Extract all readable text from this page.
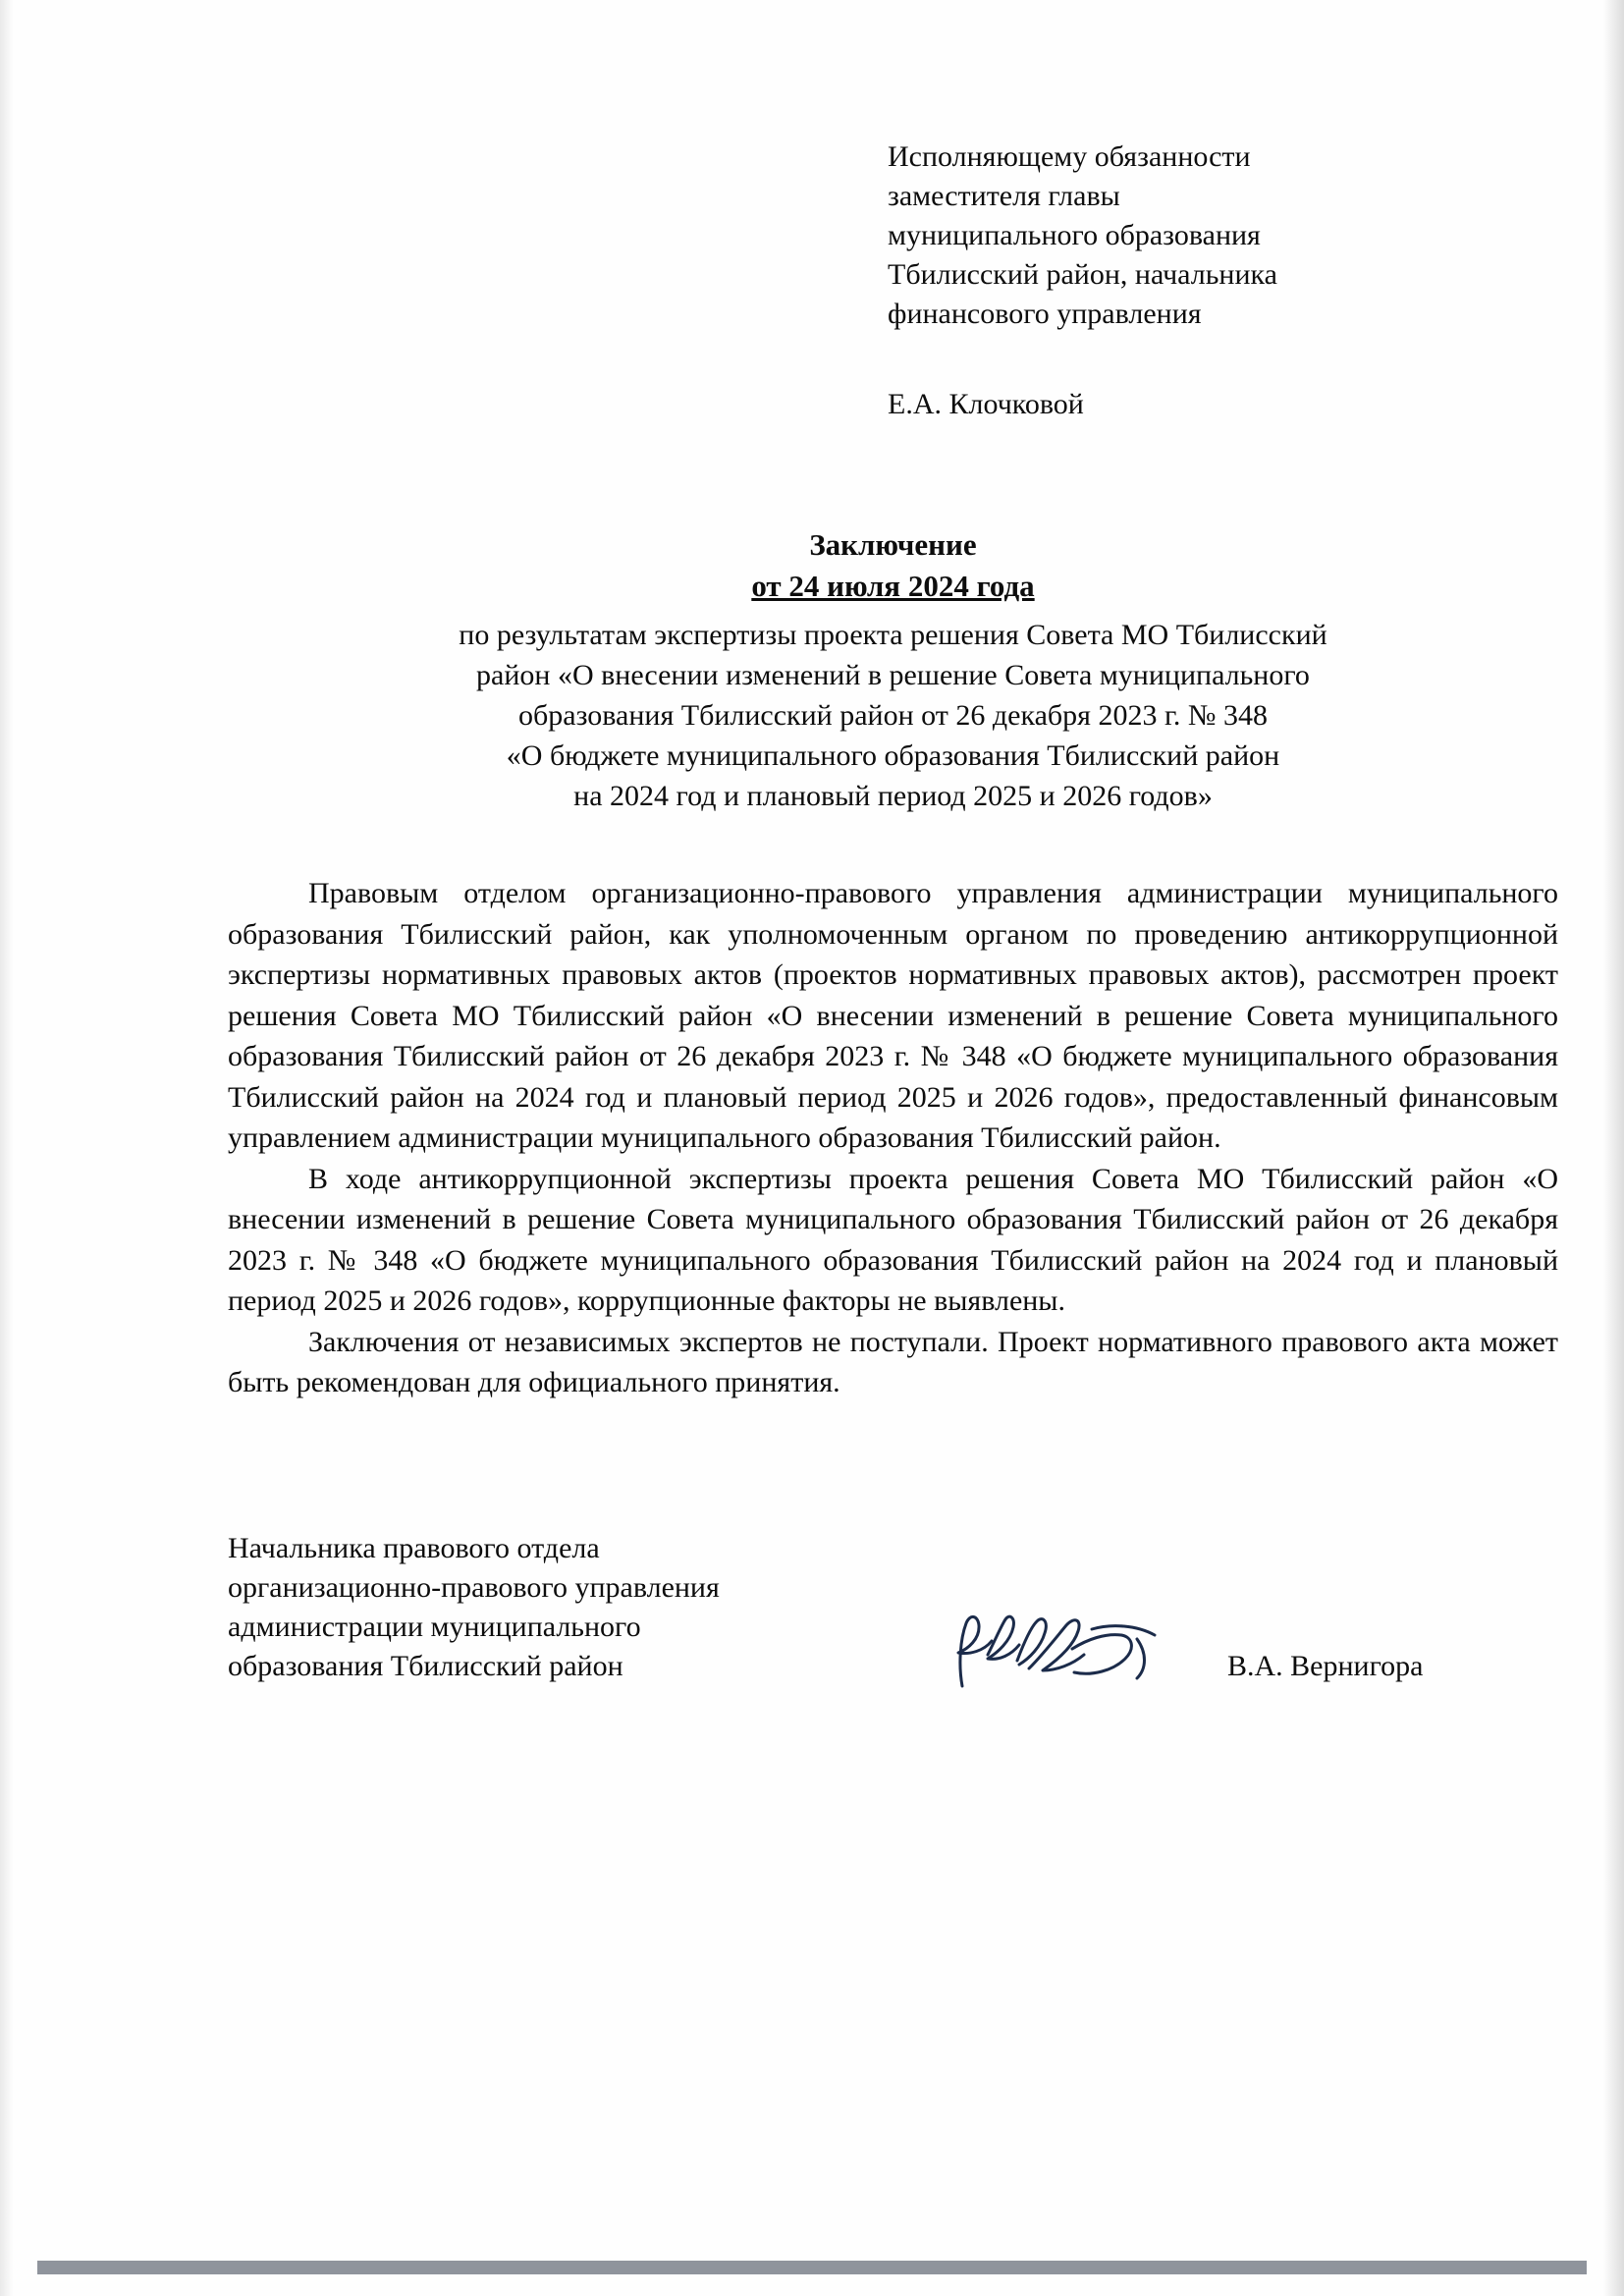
Исполняющему обязанности
заместителя главы
муниципального образования
Тбилисский район, начальника
финансового управления
Е.А. Клочковой
Заключение
от 24 июля 2024 года
по результатам экспертизы проекта решения Совета МО Тбилисский
район «О внесении изменений в решение Совета муниципального
образования Тбилисский район от 26 декабря 2023 г. № 348
«О бюджете муниципального образования Тбилисский район
на 2024 год и плановый период 2025 и 2026 годов»

Правовым отделом организационно-правового управления администрации муниципального образования Тбилисский район, как уполномоченным органом по проведению антикоррупционной экспертизы нормативных правовых актов (проектов нормативных правовых актов), рассмотрен проект решения Совета МО Тбилисский район «О внесении изменений в решение Совета муниципального образования Тбилисский район от 26 декабря 2023 г. № 348 «О бюджете муниципального образования Тбилисский район на 2024 год и плановый период 2025 и 2026 годов», предоставленный финансовым управлением администрации муниципального образования Тбилисский район.

В ходе антикоррупционной экспертизы проекта решения Совета МО Тбилисский район «О внесении изменений в решение Совета муниципального образования Тбилисский район от 26 декабря 2023 г. № 348 «О бюджете муниципального образования Тбилисский район на 2024 год и плановый период 2025 и 2026 годов», коррупционные факторы не выявлены.

Заключения от независимых экспертов не поступали. Проект нормативного правового акта может быть рекомендован для официального принятия.

Начальника правового отдела
организационно-правового управления
администрации муниципального
образования Тбилисский район	В.А. Вернигора
